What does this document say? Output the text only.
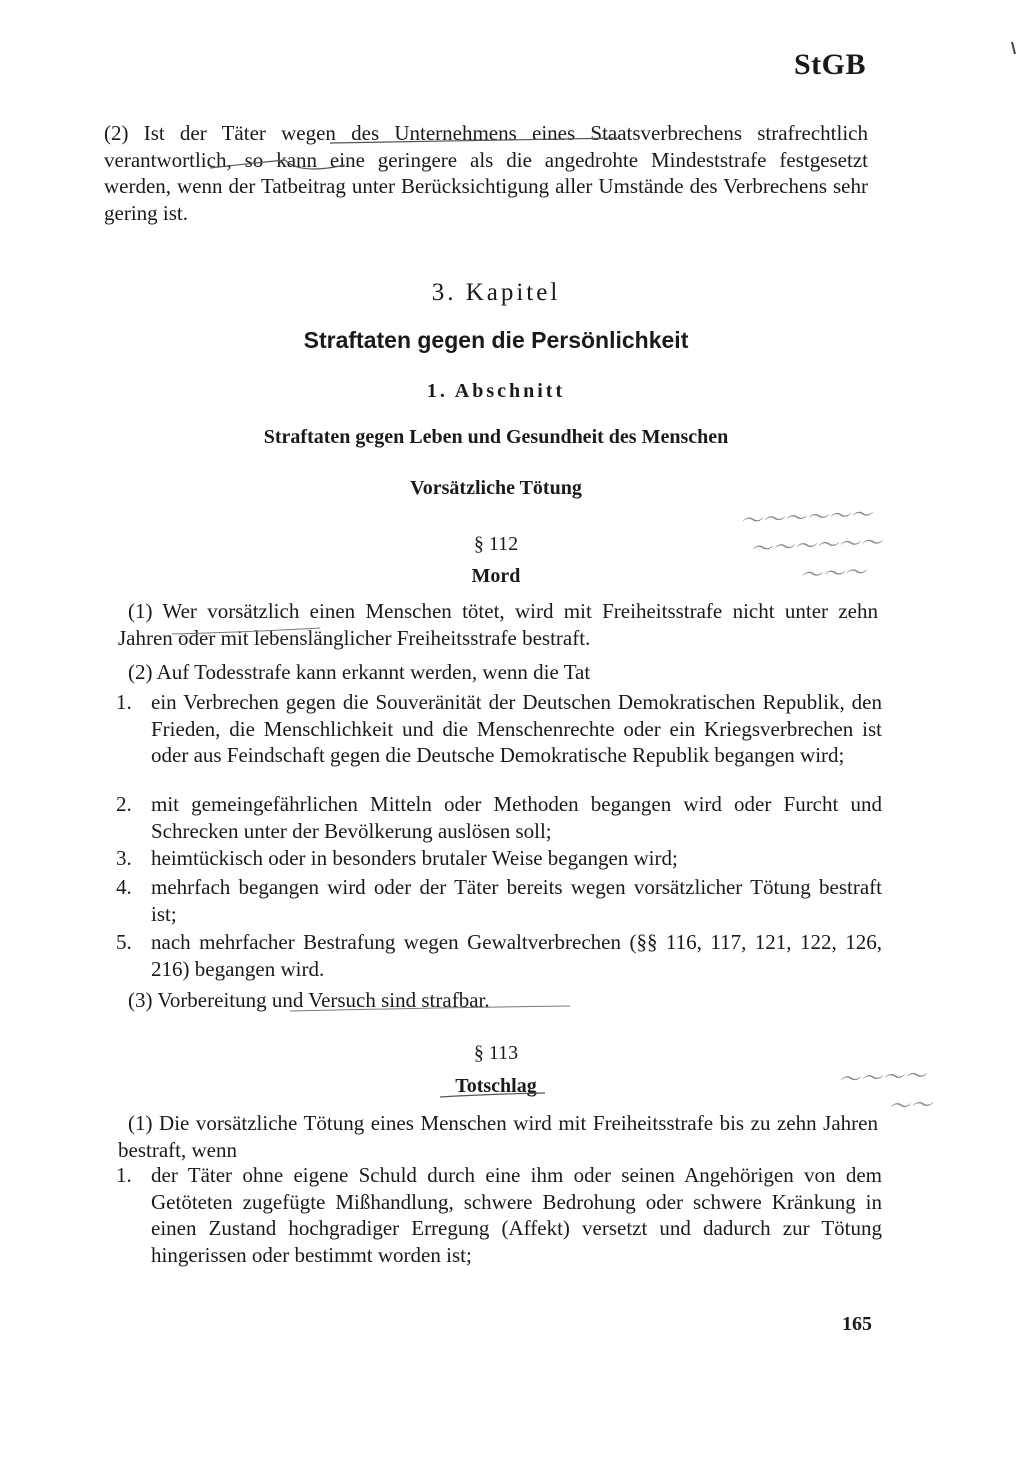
StGB
(2) Ist der Täter wegen des Unternehmens eines Staatsverbrechens strafrechtlich verantwortlich, so kann eine geringere als die angedrohte Mindeststrafe festgesetzt werden, wenn der Tatbeitrag unter Berücksichtigung aller Umstände des Verbrechens sehr gering ist.
3. Kapitel
Straftaten gegen die Persönlichkeit
1. Abschnitt
Straftaten gegen Leben und Gesundheit des Menschen
Vorsätzliche Tötung
§ 112
Mord
(1) Wer vorsätzlich einen Menschen tötet, wird mit Freiheitsstrafe nicht unter zehn Jahren oder mit lebenslänglicher Freiheitsstrafe bestraft.
(2) Auf Todesstrafe kann erkannt werden, wenn die Tat
1. ein Verbrechen gegen die Souveränität der Deutschen Demokratischen Republik, den Frieden, die Menschlichkeit und die Menschenrechte oder ein Kriegsverbrechen ist oder aus Feindschaft gegen die Deutsche Demokratische Republik begangen wird;
2. mit gemeingefährlichen Mitteln oder Methoden begangen wird oder Furcht und Schrecken unter der Bevölkerung auslösen soll;
3. heimtückisch oder in besonders brutaler Weise begangen wird;
4. mehrfach begangen wird oder der Täter bereits wegen vorsätzlicher Tötung bestraft ist;
5. nach mehrfacher Bestrafung wegen Gewaltverbrechen (§§ 116, 117, 121, 122, 126, 216) begangen wird.
(3) Vorbereitung und Versuch sind strafbar.
§ 113
Totschlag
(1) Die vorsätzliche Tötung eines Menschen wird mit Freiheitsstrafe bis zu zehn Jahren bestraft, wenn
1. der Täter ohne eigene Schuld durch eine ihm oder seinen Angehörigen von dem Getöteten zugefügte Mißhandlung, schwere Bedrohung oder schwere Kränkung in einen Zustand hochgradiger Erregung (Affekt) versetzt und dadurch zur Tötung hingerissen oder bestimmt worden ist;
165
〜〜〜〜〜〜
〜〜〜〜〜〜
〜〜〜
〜〜〜〜
〜〜
